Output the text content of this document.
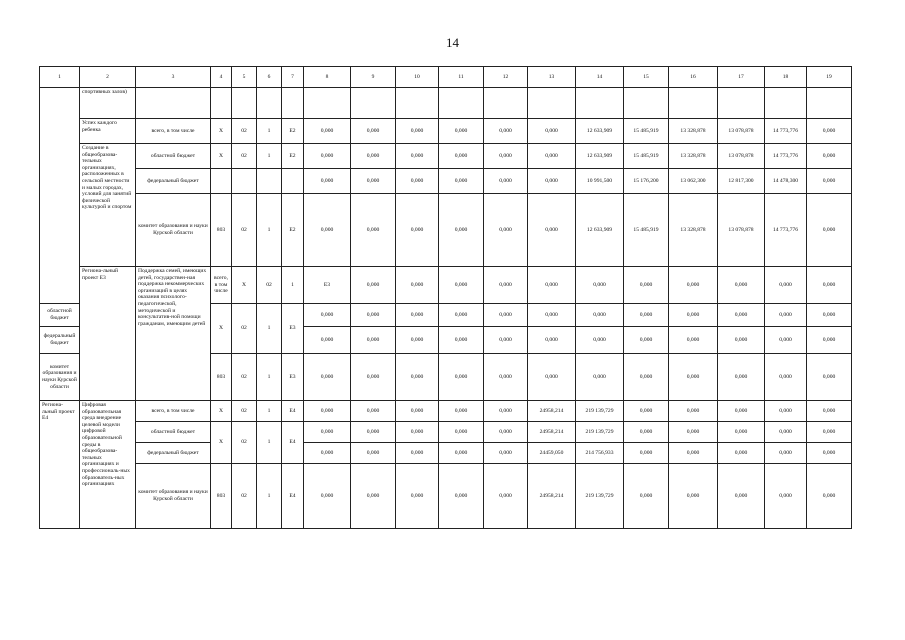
14
1	2	3	4	5	6	7	8	9	10	11	12	13	14	15	16	17	18	19	
	спортивных залов)																		
	Успех каждого ребенка	всего, в том числе	Х	02	1	Е2	0,000	0,000	0,000	0,000	0,000	0,000	12 633,909	15 485,919	13 328,878	13 078,878	14 773,776	0,000	
	Создание в общеобразова-тельных организациях, расположенных в сельской местности и малых городах, условий для занятий физической культурой и спортом	областной бюджет	Х	02	1	Е2	0,000	0,000	0,000	0,000	0,000	0,000	12 633,909	15 485,919	13 328,878	13 078,878	14 773,776	0,000	
		федеральный бюджет					0,000	0,000	0,000	0,000	0,000	0,000	10 991,500	15 176,200	13 062,300	12 817,300	14 478,300	0,000	
		комитет образования и науки Курской области	803	02	1	Е2	0,000	0,000	0,000	0,000	0,000	0,000	12 633,909	15 485,919	13 328,878	13 078,878	14 773,776	0,000	
	Региона-льный проект Е3	Поддержка семей, имеющих детей, государствен-ная поддержка некоммерческих организаций в целях оказания психолого-педагогической, методической и консультатив-ной помощи гражданам, имеющим детей	всего, в том числе	Х	02	1	Е3	0,000	0,000	0,000	0,000	0,000	0,000	0,000	0,000	0,000	0,000	0,000	
областной бюджет			Х	02	1	Е3	0,000	0,000	0,000	0,000	0,000	0,000	0,000	0,000	0,000	0,000	0,000	0,000	
федеральный бюджет							0,000	0,000	0,000	0,000	0,000	0,000	0,000	0,000	0,000	0,000	0,000	0,000	
комитет образования и науки Курской области			803	02	1	Е3	0,000	0,000	0,000	0,000	0,000	0,000	0,000	0,000	0,000	0,000	0,000	0,000	
Региона-льный проект Е4	Цифровая образовательная среда внедрение целевой модели цифровой образовательной среды в общеобразова-тельных организациях и профессиональ-ных образователь-ных организациях	всего, в том числе	Х	02	1	Е4	0,000	0,000	0,000	0,000	0,000	24958,214	219 139,729	0,000	0,000	0,000	0,000	0,000	
		областной бюджет	Х	02	1	Е4	0,000	0,000	0,000	0,000	0,000	24958,214	219 139,729	0,000	0,000	0,000	0,000	0,000	
		федеральный бюджет					0,000	0,000	0,000	0,000	0,000	24459,050	214 756,933	0,000	0,000	0,000	0,000	0,000	
		комитет образования и науки Курской области	803	02	1	Е4	0,000	0,000	0,000	0,000	0,000	24958,214	219 139,729	0,000	0,000	0,000	0,000	0,000	
